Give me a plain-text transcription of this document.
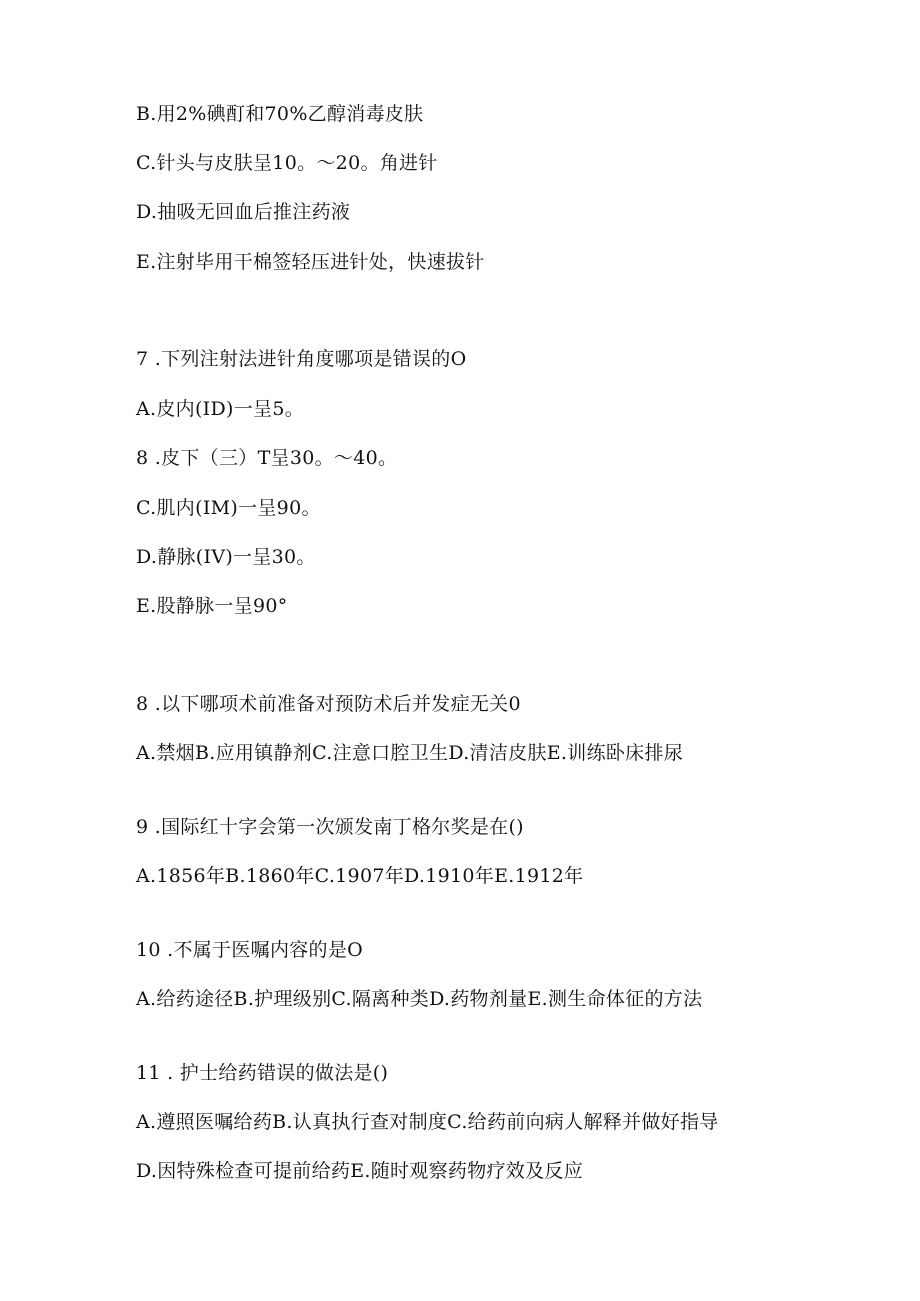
B.用2%碘酊和70%乙醇消毒皮肤
C.针头与皮肤呈10。～20。角进针
D.抽吸无回血后推注药液
E.注射毕用干棉签轻压进针处，快速拔针
7 .下列注射法进针角度哪项是错误的O
A.皮内(ID)一呈5。
8 .皮下（三）T呈30。～40。
C.肌内(IM)一呈90。
D.静脉(IV)一呈30。
E.股静脉一呈90°
8 .以下哪项术前准备对预防术后并发症无关0
A.禁烟B.应用镇静剂C.注意口腔卫生D.清洁皮肤E.训练卧床排尿
9 .国际红十字会第一次颁发南丁格尔奖是在()
A.1856年B.1860年C.1907年D.1910年E.1912年
10 .不属于医嘱内容的是O
A.给药途径B.护理级别C.隔离种类D.药物剂量E.测生命体征的方法
11 . 护士给药错误的做法是()
A.遵照医嘱给药B.认真执行查对制度C.给药前向病人解释并做好指导
D.因特殊检查可提前给药E.随时观察药物疗效及反应
